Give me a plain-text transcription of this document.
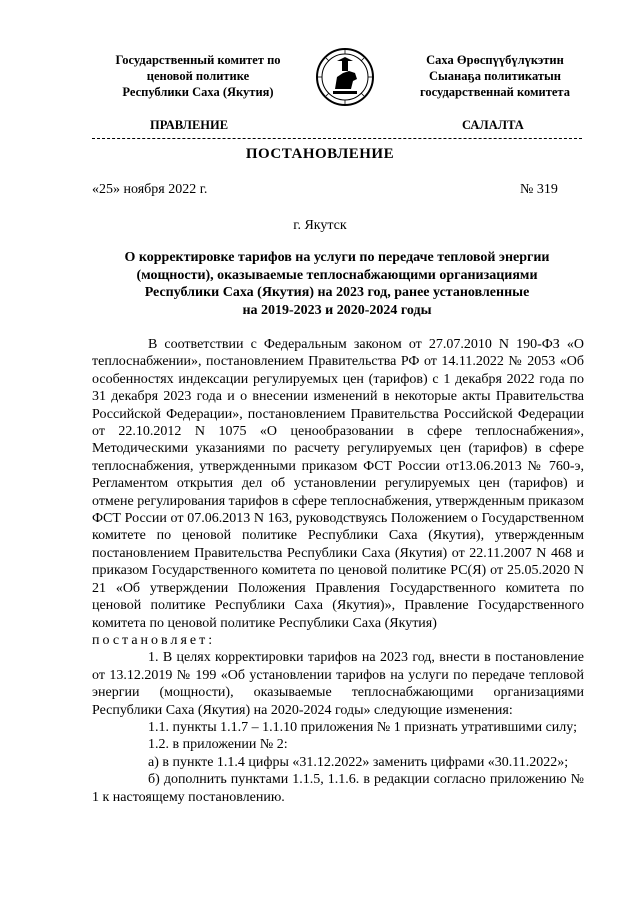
Государственный комитет по
ценовой политике
Республики Саха (Якутия)
Саха Өрөспүүбүлүкэтин
Сыанаҕа политикатын
государственнай комитета
ПРАВЛЕНИЕ	САЛАЛТА
ПОСТАНОВЛЕНИЕ
«25» ноября 2022 г.	№ 319
г. Якутск
О корректировке тарифов на услуги по передаче тепловой энергии
(мощности), оказываемые теплоснабжающими организациями
Республики Саха (Якутия) на 2023 год, ранее установленные
на 2019-2023 и 2020-2024 годы

В соответствии с Федеральным законом от 27.07.2010 N 190-ФЗ «О теплоснабжении», постановлением Правительства РФ от 14.11.2022 № 2053 «Об особенностях индексации регулируемых цен (тарифов) с 1 декабря 2022 года по 31 декабря 2023 года и о внесении изменений в некоторые акты Правительства Российской Федерации», постановлением Правительства Российской Федерации от 22.10.2012 N 1075 «О ценообразовании в сфере теплоснабжения», Методическими указаниями по расчету регулируемых цен (тарифов) в сфере теплоснабжения, утвержденными приказом ФСТ России от13.06.2013 № 760-э, Регламентом открытия дел об установлении регулируемых цен (тарифов) и отмене регулирования тарифов в сфере теплоснабжения, утвержденным приказом ФСТ России от 07.06.2013 N 163, руководствуясь Положением о Государственном комитете по ценовой политике Республики Саха (Якутия), утвержденным постановлением Правительства Республики Саха (Якутия) от 22.11.2007 N 468 и приказом Государственного комитета по ценовой политике РС(Я) от 25.05.2020 N 21 «Об утверждении Положения Правления Государственного комитета по ценовой политике Республики Саха (Якутия)», Правление Государственного комитета по ценовой политике Республики Саха (Якутия)

постановляет:

1. В целях корректировки тарифов на 2023 год, внести в постановление от 13.12.2019 № 199 «Об установлении тарифов на услуги по передаче тепловой энергии (мощности), оказываемые теплоснабжающими организациями Республики Саха (Якутия) на 2020-2024 годы» следующие изменения:

1.1. пункты 1.1.7 – 1.1.10 приложения № 1 признать утратившими силу;

1.2. в приложении № 2:

а) в пункте 1.1.4 цифры «31.12.2022» заменить цифрами «30.11.2022»;

б) дополнить пунктами 1.1.5, 1.1.6. в редакции согласно приложению № 1 к настоящему постановлению.
